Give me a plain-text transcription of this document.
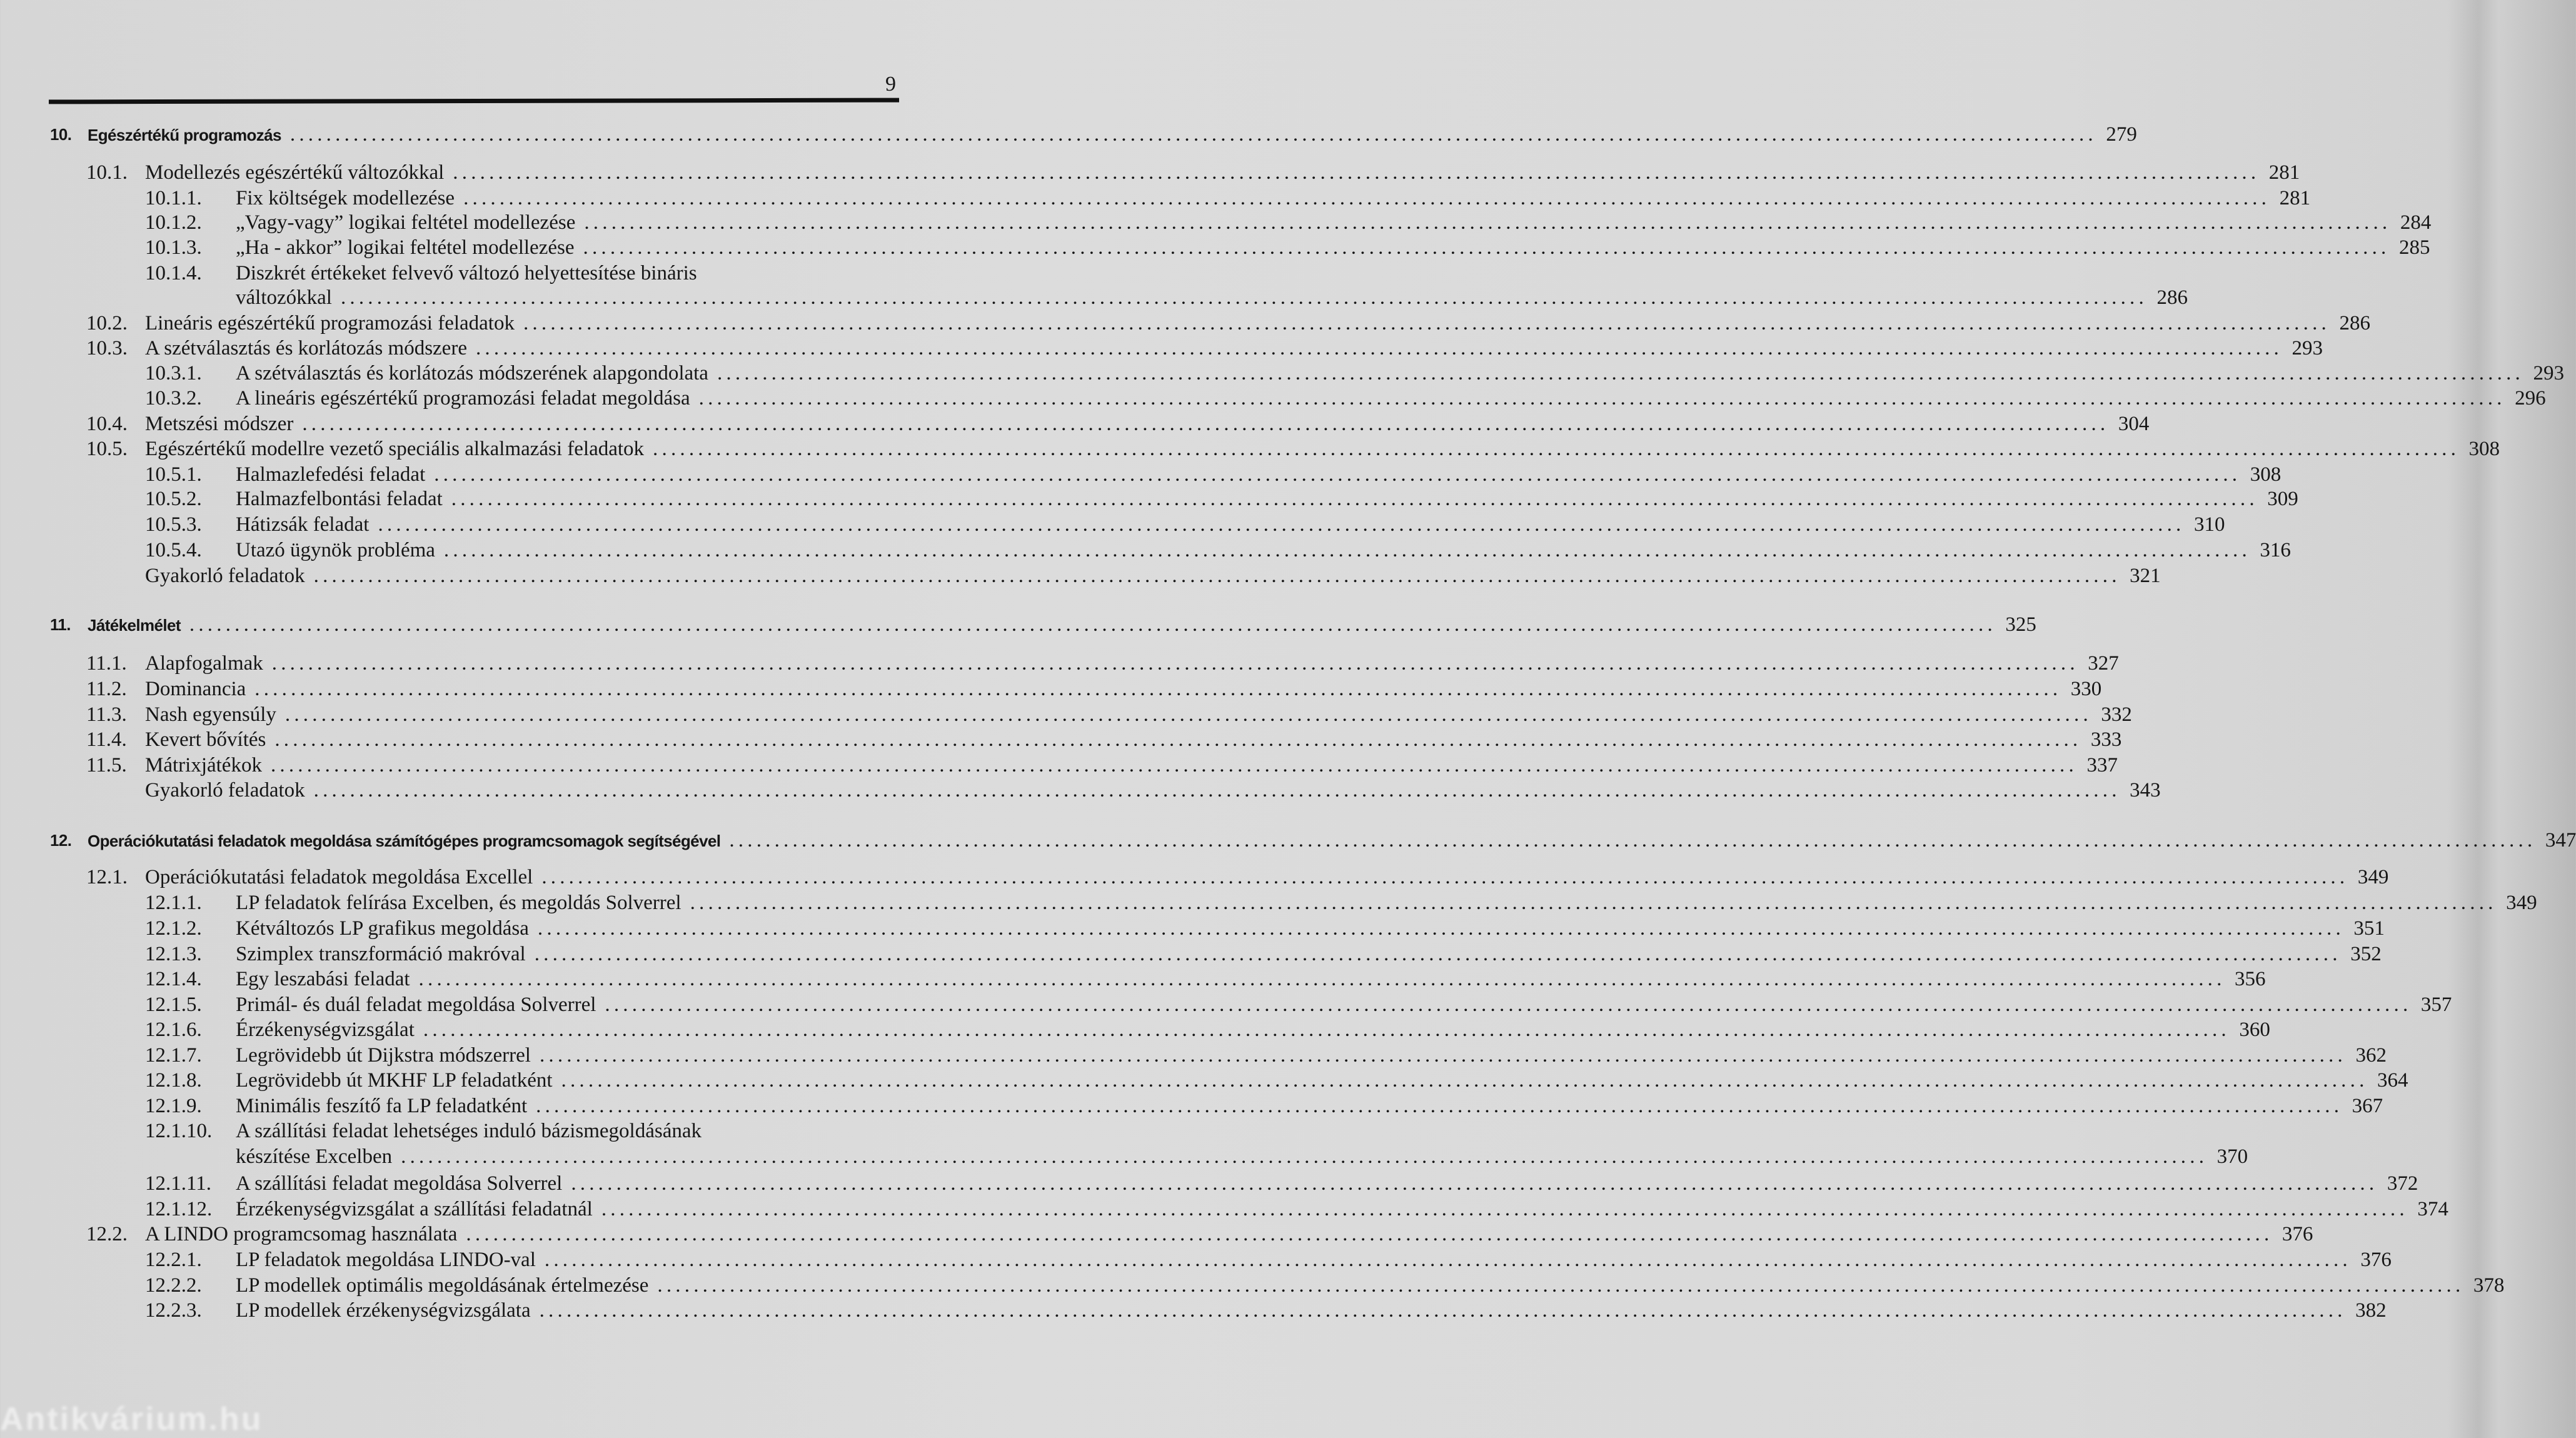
9
10. Egészértékű programozás ........................................................................................................................................................................................................ 279
10.1. Modellezés egészértékű változókkal ........................................................................................................................................................................................................ 281
10.1.1. Fix költségek modellezése ........................................................................................................................................................................................................ 281
10.1.2. „Vagy-vagy” logikai feltétel modellezése ........................................................................................................................................................................................................ 284
10.1.3. „Ha - akkor” logikai feltétel modellezése ........................................................................................................................................................................................................ 285
10.1.4. Diszkrét értékeket felvevő változó helyettesítése bináris
változókkal ........................................................................................................................................................................................................ 286
10.2. Lineáris egészértékű programozási feladatok ........................................................................................................................................................................................................ 286
10.3. A szétválasztás és korlátozás módszere ........................................................................................................................................................................................................ 293
10.3.1. A szétválasztás és korlátozás módszerének alapgondolata ........................................................................................................................................................................................................ 293
10.3.2. A lineáris egészértékű programozási feladat megoldása ........................................................................................................................................................................................................ 296
10.4. Metszési módszer ........................................................................................................................................................................................................ 304
10.5. Egészértékű modellre vezető speciális alkalmazási feladatok ........................................................................................................................................................................................................ 308
10.5.1. Halmazlefedési feladat ........................................................................................................................................................................................................ 308
10.5.2. Halmazfelbontási feladat ........................................................................................................................................................................................................ 309
10.5.3. Hátizsák feladat ........................................................................................................................................................................................................ 310
10.5.4. Utazó ügynök probléma ........................................................................................................................................................................................................ 316
Gyakorló feladatok ........................................................................................................................................................................................................ 321
11. Játékelmélet ........................................................................................................................................................................................................ 325
11.1. Alapfogalmak ........................................................................................................................................................................................................ 327
11.2. Dominancia ........................................................................................................................................................................................................ 330
11.3. Nash egyensúly ........................................................................................................................................................................................................ 332
11.4. Kevert bővítés ........................................................................................................................................................................................................ 333
11.5. Mátrixjátékok ........................................................................................................................................................................................................ 337
Gyakorló feladatok ........................................................................................................................................................................................................ 343
12. Operációkutatási feladatok megoldása számítógépes programcsomagok segítségével ........................................................................................................................................................................................................ 347
12.1. Operációkutatási feladatok megoldása Excellel ........................................................................................................................................................................................................ 349
12.1.1. LP feladatok felírása Excelben, és megoldás Solverrel ........................................................................................................................................................................................................ 349
12.1.2. Kétváltozós LP grafikus megoldása ........................................................................................................................................................................................................ 351
12.1.3. Szimplex transzformáció makróval ........................................................................................................................................................................................................ 352
12.1.4. Egy leszabási feladat ........................................................................................................................................................................................................ 356
12.1.5. Primál- és duál feladat megoldása Solverrel ........................................................................................................................................................................................................ 357
12.1.6. Érzékenységvizsgálat ........................................................................................................................................................................................................ 360
12.1.7. Legrövidebb út Dijkstra módszerrel ........................................................................................................................................................................................................ 362
12.1.8. Legrövidebb út MKHF LP feladatként ........................................................................................................................................................................................................ 364
12.1.9. Minimális feszítő fa LP feladatként ........................................................................................................................................................................................................ 367
12.1.10. A szállítási feladat lehetséges induló bázismegoldásának
készítése Excelben ........................................................................................................................................................................................................ 370
12.1.11. A szállítási feladat megoldása Solverrel ........................................................................................................................................................................................................ 372
12.1.12. Érzékenységvizsgálat a szállítási feladatnál ........................................................................................................................................................................................................ 374
12.2. A LINDO programcsomag használata ........................................................................................................................................................................................................ 376
12.2.1. LP feladatok megoldása LINDO-val ........................................................................................................................................................................................................ 376
12.2.2. LP modellek optimális megoldásának értelmezése ........................................................................................................................................................................................................ 378
12.2.3. LP modellek érzékenységvizsgálata ........................................................................................................................................................................................................ 382
Antikvárium.hu
